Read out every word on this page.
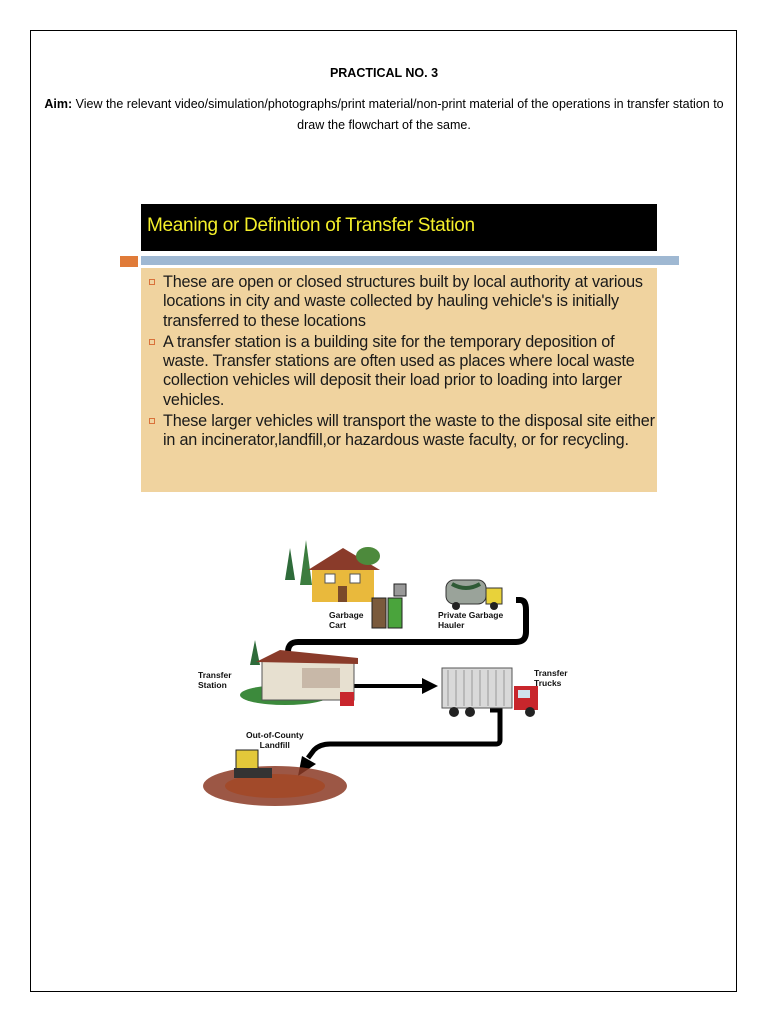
PRACTICAL NO. 3
Aim: View the relevant video/simulation/photographs/print material/non-print material of the operations in transfer station to draw the flowchart of the same.
Meaning or Definition of Transfer Station
These are open or closed structures built by local authority at various locations in city and waste collected by hauling vehicle's is initially transferred to these locations
A transfer station is a building site for the temporary deposition of waste. Transfer stations are often used as places where local waste collection vehicles will deposit their load prior to loading into larger vehicles.
These larger vehicles will transport the waste to the disposal site either in an incinerator,landfill,or hazardous waste faculty, or for recycling.
Garbage
Cart
Private Garbage
Hauler
Transfer
Station
Transfer
Trucks
Out-of-County
Landfill
